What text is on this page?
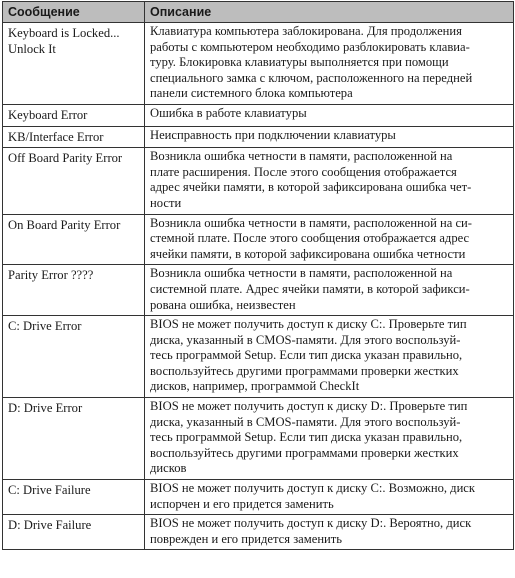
Сообщение	Описание
Keyboard is Locked...
Unlock It	Клавиатура компьютера заблокирована. Для продолжения
работы с компьютером необходимо разблокировать клавиа-
туру. Блокировка клавиатуры выполняется при помощи
специального замка с ключом, расположенного на передней
панели системного блока компьютера
Keyboard Error	Ошибка в работе клавиатуры
KB/Interface Error	Неисправность при подключении клавиатуры
Off Board Parity Error	Возникла ошибка четности в памяти, расположенной на
плате расширения. После этого сообщения отображается
адрес ячейки памяти, в которой зафиксирована ошибка чет-
ности
On Board Parity Error	Возникла ошибка четности в памяти, расположенной на си-
стемной плате. После этого сообщения отображается адрес
ячейки памяти, в которой зафиксирована ошибка четности
Parity Error ????	Возникла ошибка четности в памяти, расположенной на
системной плате. Адрес ячейки памяти, в которой зафикси-
рована ошибка, неизвестен
C: Drive Error	BIOS не может получить доступ к диску C:. Проверьте тип
диска, указанный в CMOS-памяти. Для этого воспользуй-
тесь программой Setup. Если тип диска указан правильно,
воспользуйтесь другими программами проверки жестких
дисков, например, программой CheckIt
D: Drive Error	BIOS не может получить доступ к диску D:. Проверьте тип
диска, указанный в CMOS-памяти. Для этого воспользуй-
тесь программой Setup. Если тип диска указан правильно,
воспользуйтесь другими программами проверки жестких
дисков
C: Drive Failure	BIOS не может получить доступ к диску C:. Возможно, диск
испорчен и его придется заменить
D: Drive Failure	BIOS не может получить доступ к диску D:. Вероятно, диск
поврежден и его придется заменить
